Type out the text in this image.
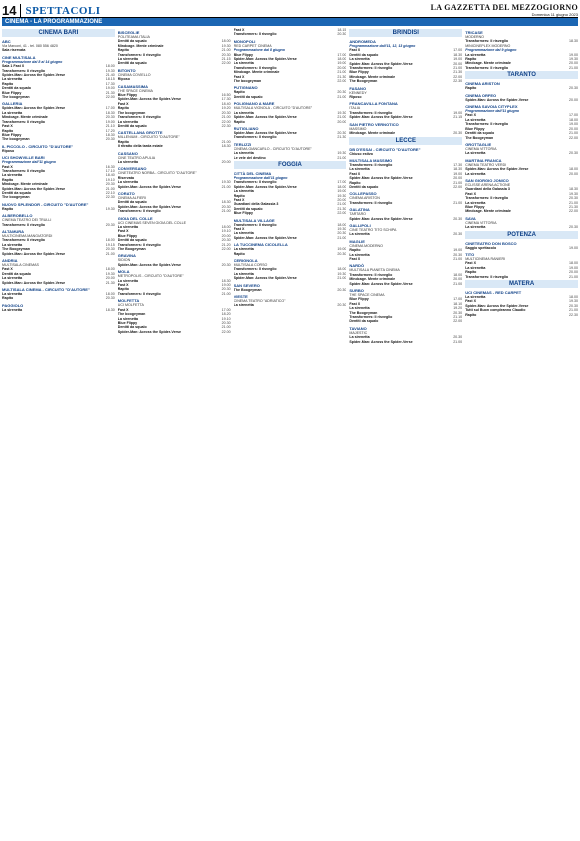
14 SPETTACOLI	LA GAZZETTA DEL MEZZOGIORNO
Domenica 11 giugno 2023
CINEMA - LA PROGRAMMAZIONE
CINEMA BARI
ABC
Via Marconi, 41 - tel. 080 556 4820
Sala riservata
CINE MULTISALA
Programmazione dal 8 al 14 giugno
Sala 1 Fast X	18.00
Transformers: Il risveglio	19.30
Spider-Man: Across the Spider-Verse	21.40
La sirenetta	18.15
Rapito	17.30
Dentiti da squalo	19.00
Blue Flippy	21.30
The boogeyman	22.00
GALLERIA
Spider-Man: Across the Spider-Verse	17.00
La sirenetta	18.30
Mindcage. Mente criminale	20.30
Transformers: Il risveglio	19.00
Fast X	21.10
Rapito	17.20
Blue Flippy	18.30
The boogeyman	20.30
IL PICCOLO - CIRCUITO "D'AUTORE"
Riposo
UCI SHOWVILLE BARI
Programmazione dall'11 giugno
Fast X	16.30
Transformers: Il risveglio	17.10
La sirenetta	18.40
Rapito	19.10
Mindcage. Mente criminale	20.30
Spider-Man: Across the Spider-Verse	21.00
Dentiti da squalo	22.10
The boogeyman	22.30
NUOVO SPLENDOR - CIRCUITO "D'AUTORE"
Rapito	19.30
ALBEROBELLO
CINEMA TEATRO DEI TRULLI
Transformers: Il risveglio	20.30
ALTAMURA
MULTICINEMA MANGIATORDI
Transformers: Il risveglio	18.00
La sirenetta	19.15
The Boogeyman	20.30
Spider-Man: Across the Spider-Verse	21.00
ANDRIA
MULTISALA CINEMAS
Fast X	18.00
Dentiti da squalo	19.30
La sirenetta	20.00
Spider-Man: Across the Spider-Verse	21.30
MULTISALA CINEMA - CIRCUITO "D'AUTORE"
La sirenetta	18.00
Rapito	20.30
PAGGIOLO
La sirenetta	18.30
BISCEGLIE
POLITEAMA ITALIA
Dentiti da squalo	18.00
Mindcage. Mente criminale	19.30
Rapito	21.00
Transformers: Il risveglio	20.30
La sirenetta	21.15
Dentiti da squalo	22.00
BITONTO
CINEMA COVIELLO
Riposo
CASAMASSIMA
THE SPACE CINEMA
Blue Flippy	16.50
Spider-Man: Across the Spider-Verse	17.30
Fast X	18.40
Rapito	19.20
The boogeyman	20.30
Transformers: Il risveglio	21.00
La sirenetta	22.00
Dentiti da squalo	22.30
CASTELLANA GROTTE
MILLENIUM - CIRCUITO "D'AUTORE"
Rapito	21.00
Il ritratto della tarda estate	18.30
CASSANO
CINE TEATRO APULIA
La sirenetta	20.00
CONVERSANO
CINETEATRO NORBA - CIRCUITO "D'AUTORE"
Riservata
La sirenetta	19.30
Spider-Man: Across the Spider-Verse	21.00
CORATO
CINEMA ALFIERI
Dentiti da squalo	18.30
Spider-Man: Across the Spider-Verse	20.30
Transformers: Il risveglio	21.00
GIOIA DEL COLLE
UCI CINEMAS SEVEN GIOIA DEL COLLE
La sirenetta	18.00
Fast X	19.10
Blue Flippy	20.00
Dentiti da squalo	20.30
Transformers: Il risveglio	21.20
The Boogeyman	22.00
GRAVINA
SIDION
Spider-Man: Across the Spider-Verse	20.30
MOLA
METROPOLIS - CIRCUITO "D'AUTORE"
La sirenetta	18.30
Fast X	19.00
Rapito	20.30
Transformers: Il risveglio	21.00
MOLFETTA
UCI MOLFETTA
Fast X	17.00
The boogeyman	18.20
La sirenetta	19.10
Blue Flippy	20.30
Dentiti da squalo	21.00
Spider-Man: Across the Spider-Verse	22.00
Fast X	18.15
Transformers: Il risveglio	20.30
MONOPOLI
RED CARPET CINEMA
Programmazione dal 8 giugno
Blue Flippy	17.00
Spider-Man: Across the Spider-Verse	18.00
La sirenetta	19.00
Transformers: Il risveglio	20.00
Mindcage. Mente criminale	21.00
Fast X	21.30
The boogeyman	22.00
PUTIGNANO
Rapito	20.30
Dentiti da squalo	21.00
POLIGNANO A MARE
MULTISALA VIGNOLA - CIRCUITO "D'AUTORE"
La sirenetta	19.30
Spider-Man: Across the Spider-Verse	21.00
Rapito	20.00
RUTIGLIANO
Spider-Man: Across the Spider-Verse	20.30
Transformers: Il risveglio	21.30
TERLIZZI
CINEMA GIANCARLO - CIRCUITO "D'AUTORE"
La sirenetta	19.30
Le vele del destino	21.00
FOGGIA
CITTÀ DEL CINEMA
Programmazione dall'11 giugno
Transformers: Il risveglio	17.00
Spider-Man: Across the Spider-Verse	18.00
La sirenetta	19.00
Rapito	19.30
Fast X	20.00
Guardiani della Galassia 3	21.00
Dentiti da squalo	21.30
Blue Flippy	22.00
MULTISALA VILLAGE
Transformers: Il risveglio	18.00
Fast X	19.30
La sirenetta	20.30
Spider-Man: Across the Spider-Verse	21.00
LA TUCCINEMA CICOLELLA
La sirenetta	19.00
Rapito	20.30
CERIGNOLA
MULTISALA CORSO
Transformers: Il risveglio	18.00
La sirenetta	19.30
Spider-Man: Across the Spider-Verse	21.00
SAN SEVERO
The Boogeyman	20.30
VIESTE
CINEMA TEATRO "ADRIATICO"
La sirenetta	20.30
BRINDISI
ANDROMEDA
Programmazione dall'11, 12, 13 giugno
Fast X	17.00
Dentiti da squalo	18.30
La sirenetta	19.00
Spider-Man: Across the Spider-Verse	20.00
Transformers: Il risveglio	21.00
Blue Flippy	21.30
Mindcage. Mente criminale	22.00
The Boogeyman	22.30
FASANO
KENNEDY
Riposo
FRANCAVILLA FONTANA
ITALIA
Transformers: Il risveglio	19.00
Spider-Man: Across the Spider-Verse	21.15
SAN PIETRO VERNOTICO
MASSIMO
Mindcage. Mente criminale	20.30
LECCE
DB D'ESSAI - CIRCUITO "D'AUTORE"
Chiuso estivo
MULTISALA MASSIMO
Transformers: Il risveglio	17.30
La sirenetta	18.30
Fast X	19.00
Spider-Man: Across the Spider-Verse	20.00
Rapito	21.00
Dentiti da squalo	22.00
COLLEPASSO
CINEMA ARISTON
Transformers: Il risveglio	21.00
GALATINA
TARTARO
Spider-Man: Across the Spider-Verse	20.30
GALLIPOLI
CINE TEATRO TITO SCHIPA
La sirenetta	20.30
MAGLIE
CINEMA MODERNO
Rapito	19.00
La sirenetta	20.30
Fast X	21.00
NARDÒ
MULTISALA PIANETA CINEMA
Transformers: Il risveglio	18.00
Mindcage. Mente criminale	20.00
Spider-Man: Across the Spider-Verse	21.00
SURBO
THE SPACE CINEMA
Blue Flippy	17.00
Fast X	18.10
La sirenetta	19.20
The Boogeyman	20.30
Transformers: Il risveglio	21.10
Dentiti da squalo	22.00
TAVIANO
MAJESTIC
La sirenetta	20.30
Spider-Man: Across the Spider-Verse	21.00
TRICASE
MODERNO
Transformers: Il risveglio	18.30
MINICINEPLEX MODERNO
Programmazione dal 9 giugno
La sirenetta	19.00
Rapito	19.30
Mindcage. Mente criminale	20.00
Transformers: Il risveglio	21.00
TARANTO
CINEMA ARISTON
Rapito	20.30
CINEMA ORFEO
Spider-Man: Across the Spider-Verse	20.00
CINEMA SAVOIA CITYPLEX
Programmazione dall'11 giugno
Fast X	17.00
La sirenetta	18.00
Transformers: Il risveglio	19.00
Blue Flippy	20.00
Dentiti da squalo	21.00
The Boogeyman	22.00
GROTTAGLIE
CINEMA VITTORIA
La sirenetta	20.30
MARTINA FRANCA
CINEMA TEATRO VERDI
Spider-Man: Across the Spider-Verse	18.00
La sirenetta	20.00
SAN GIORGIO JONICO
ECLISSE ARENA ACTIONE
Guardiani della Galassia 3	18.30
Fast X	19.30
Transformers: Il risveglio	20.30
La sirenetta	21.00
Blue Flippy	21.30
Mindcage. Mente criminale	22.00
SAVA
CINEMA VITTORIA
La sirenetta	20.30
POTENZA
CINETEATRO DON BOSCO
Saggio spettacolo	19.00
TITO
MULTICINEMA RANIERI
Fast X	18.00
La sirenetta	19.00
Rapito	20.00
Transformers: Il risveglio	21.00
MATERA
UCI CINEMAS - RED CARPET
La sirenetta	18.00
Fast X	19.30
Spider-Man: Across the Spider-Verse	20.30
Tutti sul Buon compleanno Claudio	21.00
Rapito	22.30
